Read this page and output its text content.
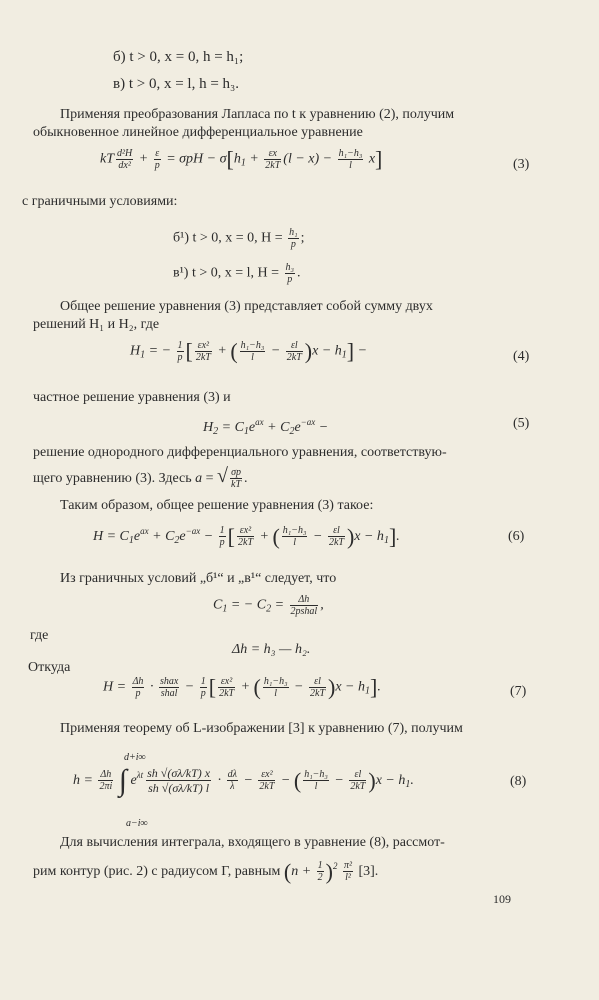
б) t > 0, x = 0, h = h₁;
в) t > 0, x = l, h = h₃.
Применяя преобразования Лапласа по t к уравнению (2), получим
обыкновенное линейное дифференциальное уравнение
kT $\frac{\text{d²H}}{\text{dx²}} + \frac{\varepsilon}{p} = \sigma pH - \sigma[h_1 + \frac{\varepsilon x}{2kT} (l - x) - \frac{\text{h₁−h₃}}{l} x]$	(3)
с граничными условиями:
б¹) t > 0, x = 0, $H = \frac{\text{h₁}}{p}$ ;
в¹) t > 0, x = l, $H = \frac{\text{h₃}}{p}$ .
Общее решение уравнения (3) представляет собой сумму двух
решений H₁ и H₂, где
$H_1$ = − $\frac{1}{p}$ [ $\frac{\text{εx²}}{2kT}$ + ( $\frac{\text{h₁−h₃}}{l} - \frac{\varepsilon l}{2kT} )x - h_1$] −	(4)
частное решение уравнения (3) и
$H_2 = C_1e^{ax} + C_2e^{-ax}$ −	(5)
решение однородного дифференциального уравнения, соответствую-
щего уравнению (3). Здесь a = √ $\frac{\sigma p}{kT}$ .
Таким образом, общее решение уравнения (3) такое:
$H = C_1e^{ax} + C_2e^{-ax} - \frac{1}{p}$ [ $\frac{\text{εx²}}{2kT}$ + ( $\frac{\text{h₁−h₃}}{l} - \frac{\varepsilon l}{2kT} )x - h_1$].	(6)
Из граничных условий „б¹“ и „в¹“ следует, что
$C_1$ = − $C_2 = \frac{\Delta h}{\text{2pshal}}$ ,
где
Δh = h₃ — h₂.
Откуда
$H = \frac{\Delta h}{p} \cdot \frac{\text{shax}}{\text{shal}} - \frac{1}{p}$ [ $\frac{\text{εx²}}{2kT}$ + ( $\frac{\text{h₁−h₃}}{l} - \frac{\varepsilon l}{2kT} )x - h_1$].	(7)
Применяя теорему об L-изображении [3] к уравнению (7), получим
d+i∞
a−i∞
$h = \frac{\Delta h}{2\pi i}$ ∫ $e^{\lambda t} \frac{sh √(\sigma\lambda/kT) x}{sh √(\sigma\lambda/kT) l} \cdot \frac{d\lambda}{\lambda} - \frac{\text{εx²}}{2kT}$ − ( $\frac{\text{h₁−h₃}}{l} - \frac{\varepsilon l}{2kT} )x - h_1$.	(8)
Для вычисления интеграла, входящего в уравнение (8), рассмот-
рим контур (рис. 2) с радиусом Г, равным $(n + \frac{1}{2} )^2 \frac{\text{π²}}{\text{l²}} [3]$.
109
